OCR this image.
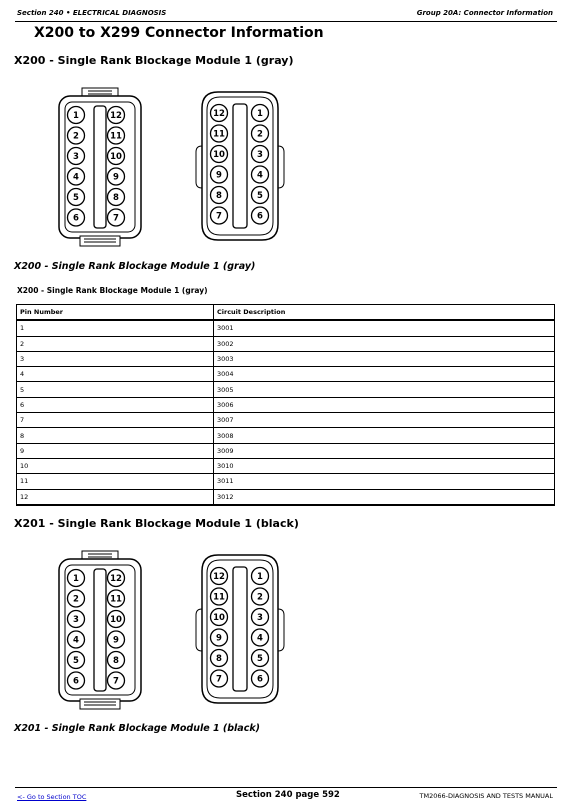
Section 240 • ELECTRICAL DIAGNOSIS	Group 20A: Connector Information
X200 to X299 Connector Information
X200 - Single Rank Blockage Module 1 (gray)
1
2
3
4
5
6
12
11
10
9
8
7
12
11
10
9
8
7
1
2
3
4
5
6
X200 - Single Rank Blockage Module 1 (gray)
X200 - Single Rank Blockage Module 1 (gray)
Pin Number	Circuit Description
1	3001
2	3002
3	3003
4	3004
5	3005
6	3006
7	3007
8	3008
9	3009
10	3010
11	3011
12	3012
X201 - Single Rank Blockage Module 1 (black)
1
2
3
4
5
6
12
11
10
9
8
7
12
11
10
9
8
7
1
2
3
4
5
6
X201 - Single Rank Blockage Module 1 (black)
<- Go to Section TOC	Section 240 page 592	TM2066-DIAGNOSIS AND TESTS MANUAL
